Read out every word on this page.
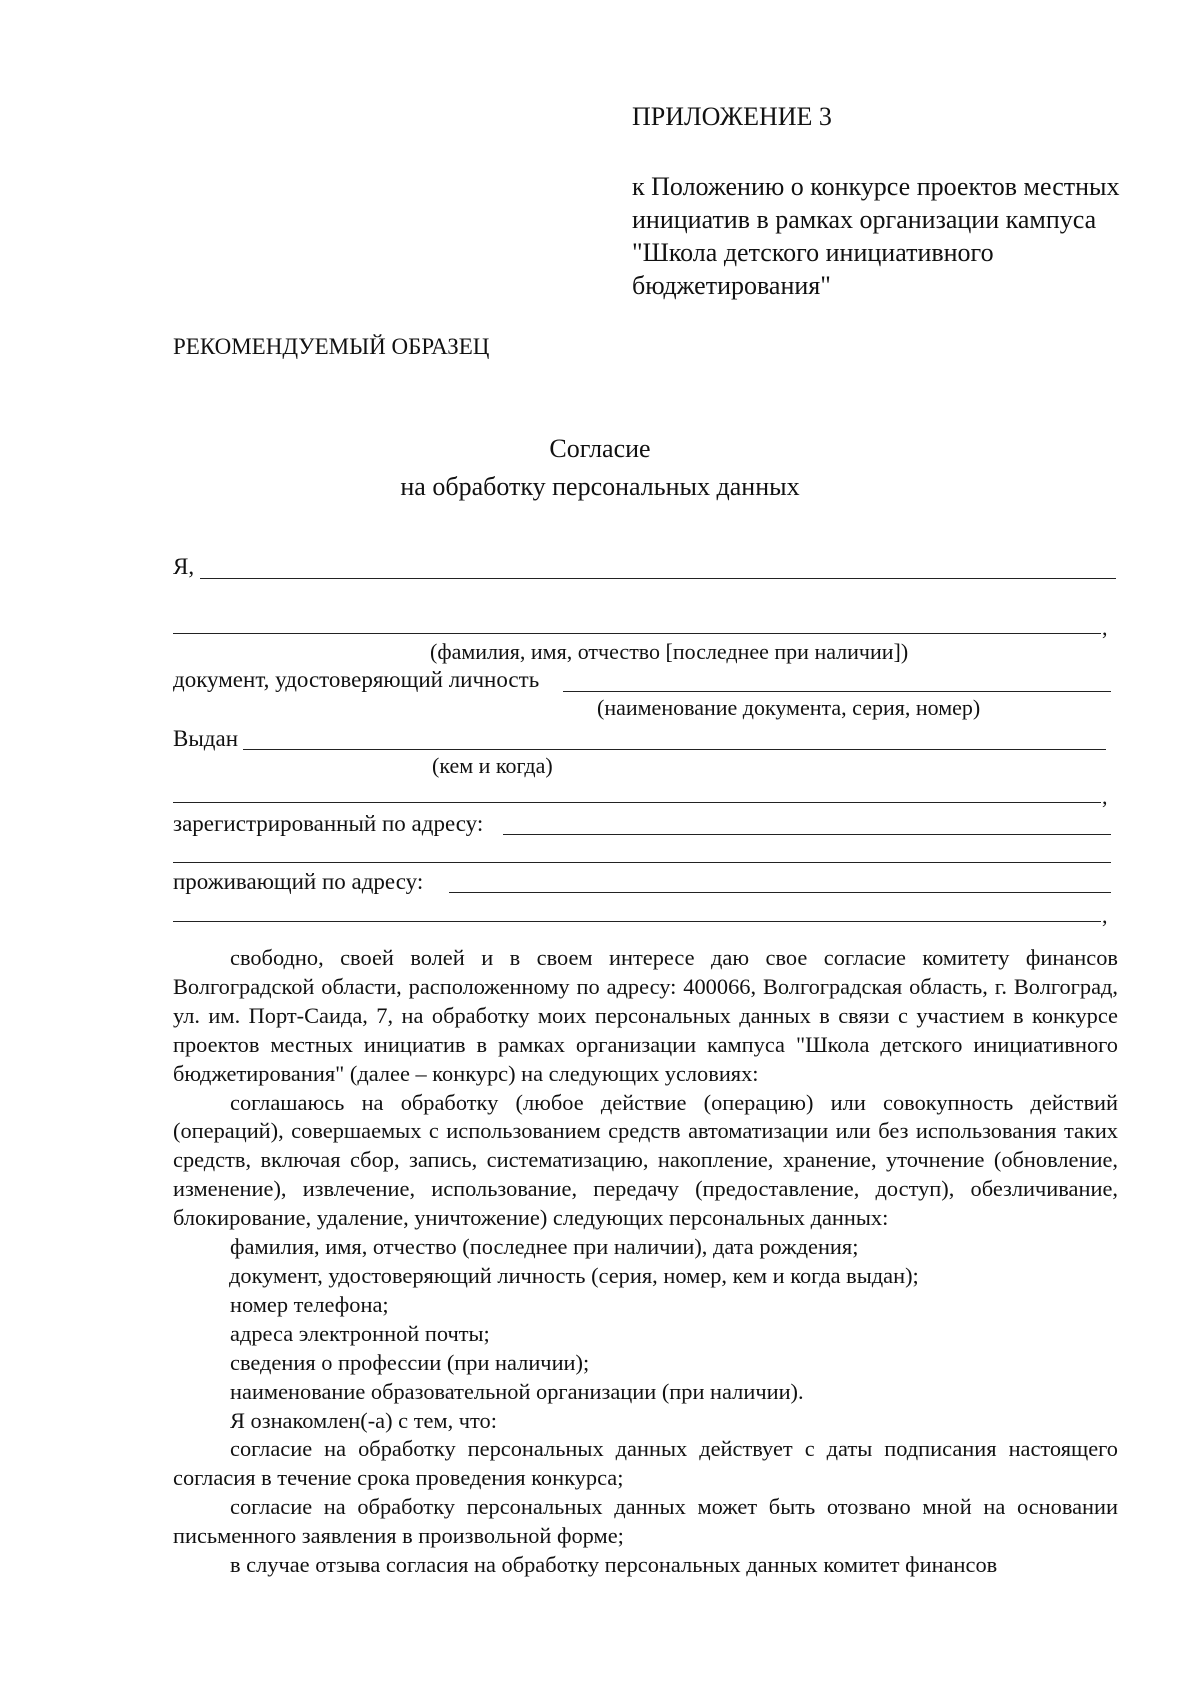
ПРИЛОЖЕНИЕ 3
к Положению о конкурсе проектов местных инициатив в рамках организации кампуса "Школа детского инициативного бюджетирования"
РЕКОМЕНДУЕМЫЙ ОБРАЗЕЦ
Согласие
на обработку персональных данных
Я,
,
(фамилия, имя, отчество [последнее при наличии])
документ, удостоверяющий личность
(наименование документа, серия, номер)
Выдан
(кем и когда)
,
зарегистрированный по адресу:
проживающий по адресу:
,

свободно, своей волей и в своем интересе даю свое согласие комитету финансов Волгоградской области, расположенному по адресу: 400066, Волгоградская область, г. Волгоград, ул. им. Порт-Саида, 7, на обработку моих персональных данных в связи с участием в конкурсе проектов местных инициатив в рамках организации кампуса "Школа детского инициативного бюджетирования" (далее – конкурс) на следующих условиях:

соглашаюсь на обработку (любое действие (операцию) или совокупность действий (операций), совершаемых с использованием средств автоматизации или без использования таких средств, включая сбор, запись, систематизацию, накопление, хранение, уточнение (обновление, изменение), извлечение, использование, передачу (предоставление, доступ), обезличивание, блокирование, удаление, уничтожение) следующих персональных данных:

фамилия, имя, отчество (последнее при наличии), дата рождения;

документ, удостоверяющий личность (серия, номер, кем и когда выдан);

номер телефона;

адреса электронной почты;

сведения о профессии (при наличии);

наименование образовательной организации (при наличии).

Я ознакомлен(-а) с тем, что:

согласие на обработку персональных данных действует с даты подписания настоящего согласия в течение срока проведения конкурса;

согласие на обработку персональных данных может быть отозвано мной на основании письменного заявления в произвольной форме;

в случае отзыва согласия на обработку персональных данных комитет финансов
